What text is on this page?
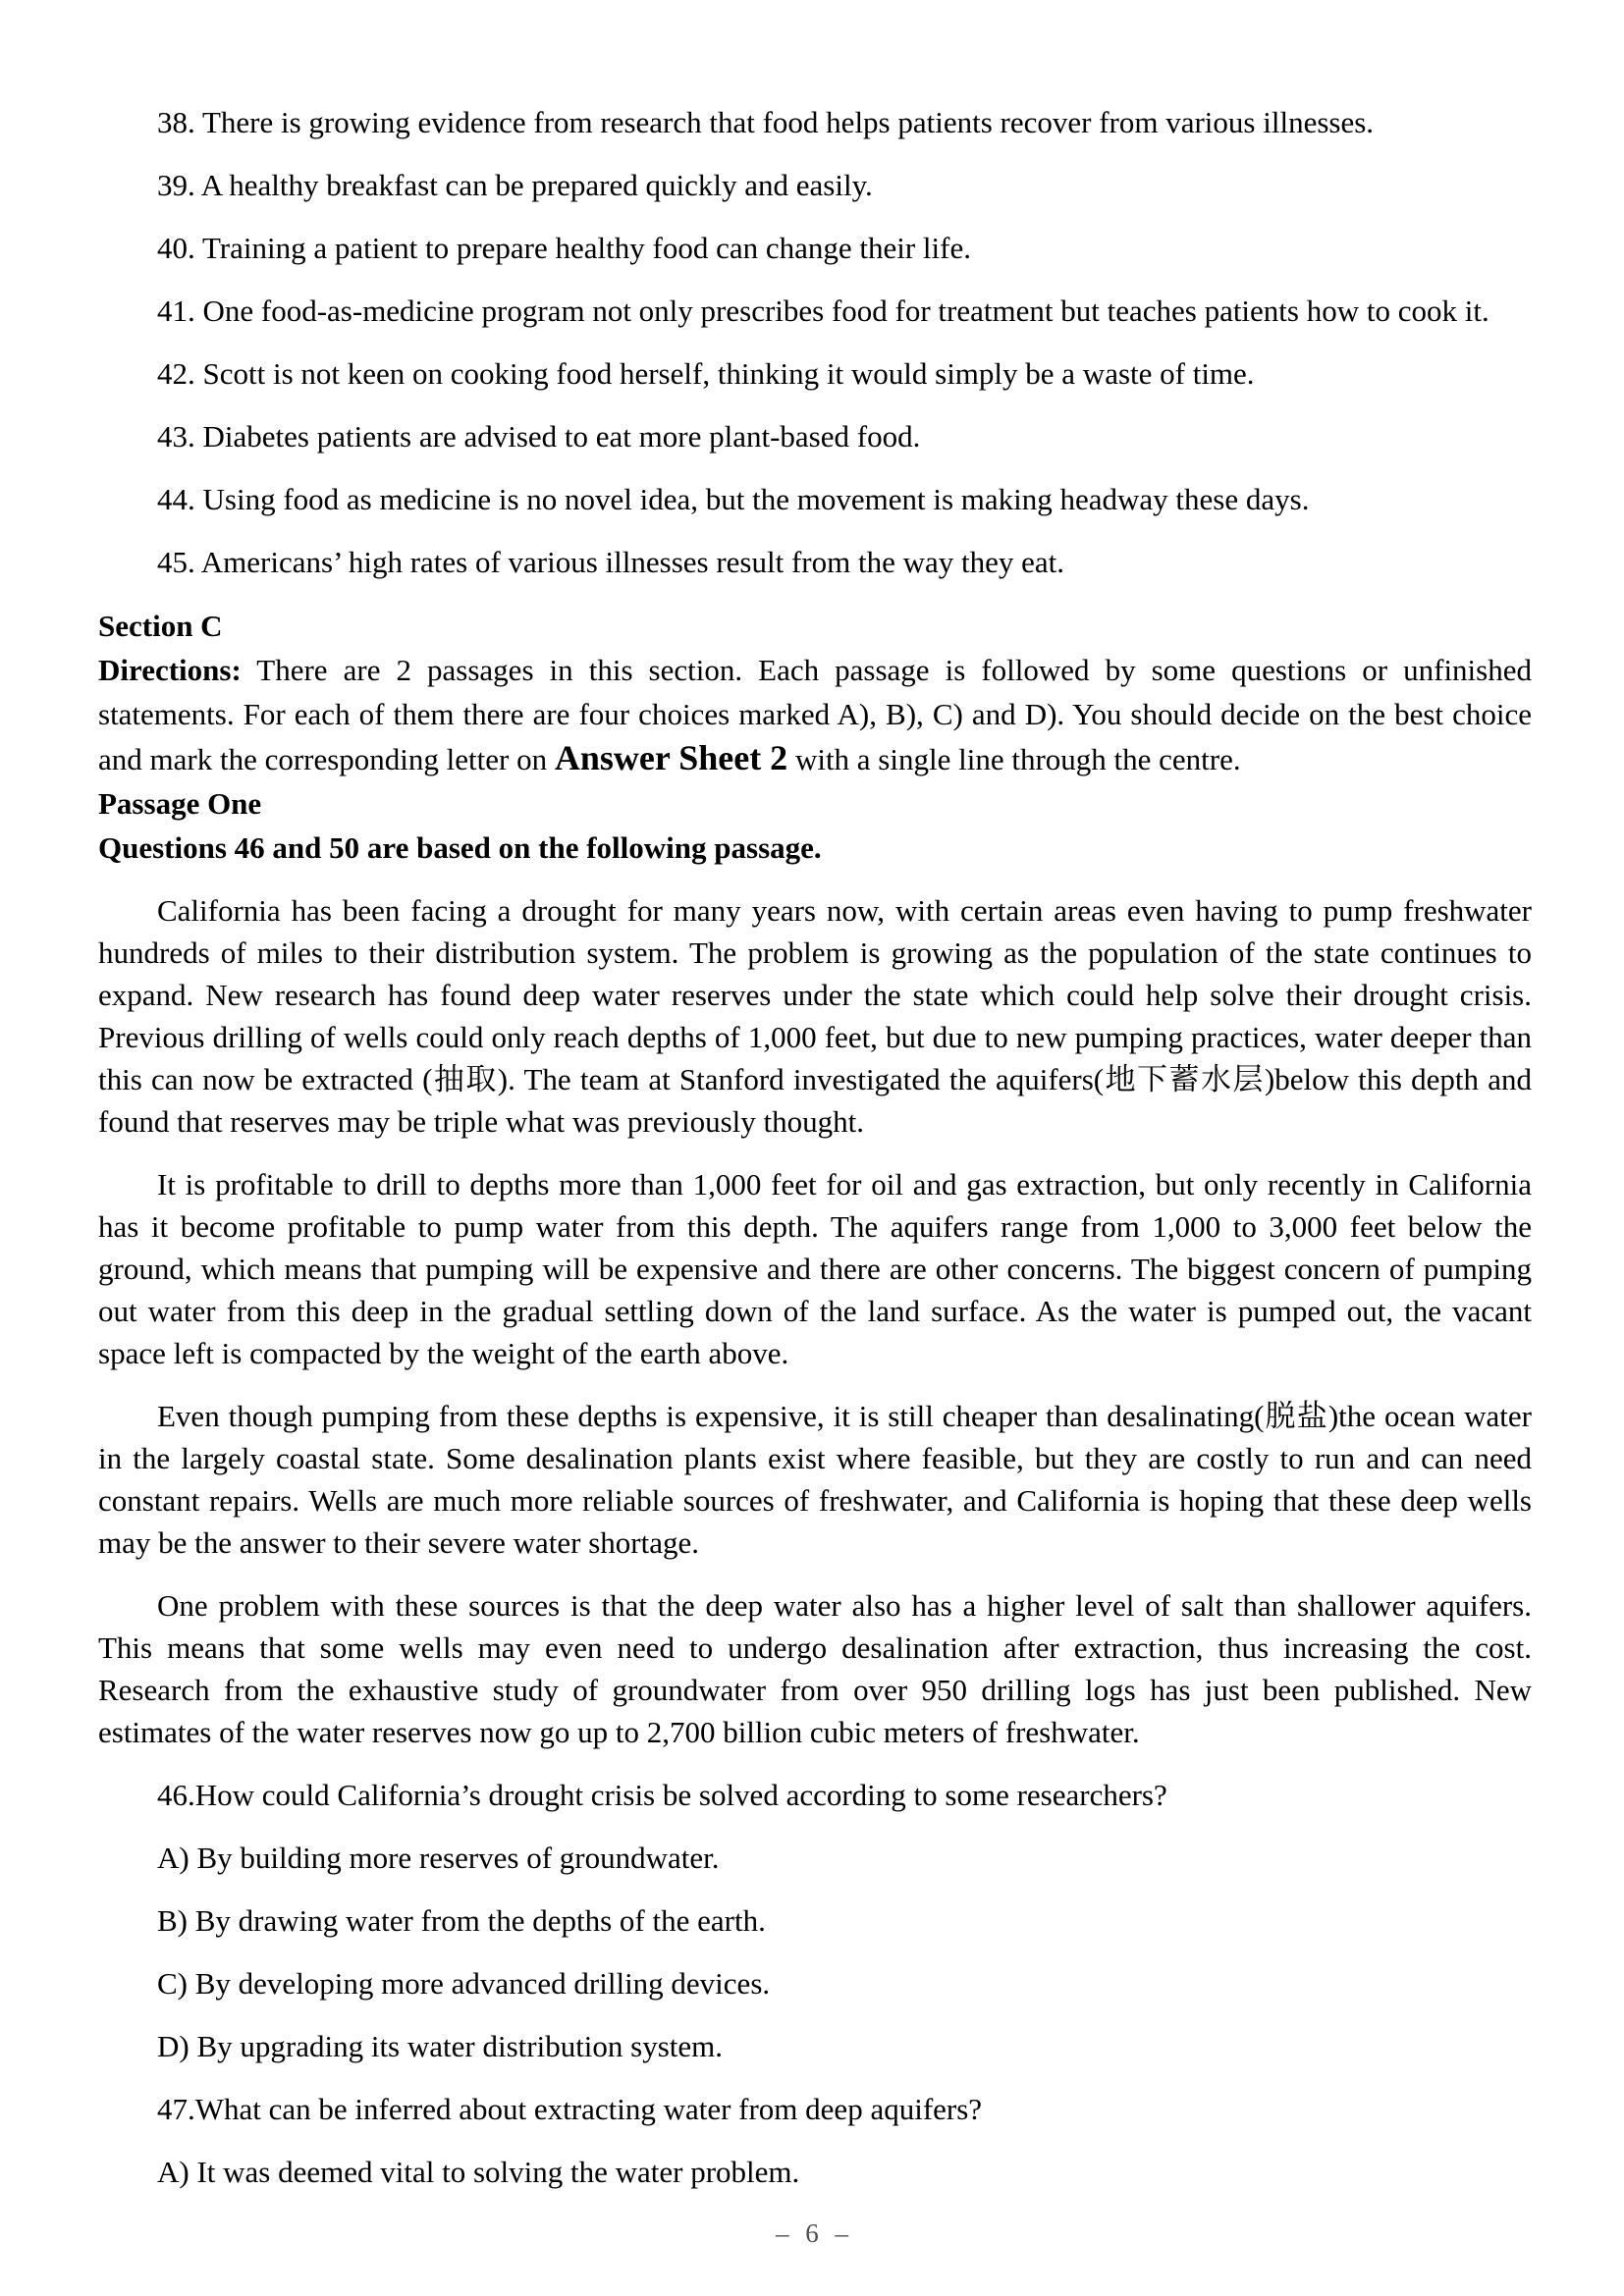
38. There is growing evidence from research that food helps patients recover from various illnesses.

39. A healthy breakfast can be prepared quickly and easily.

40. Training a patient to prepare healthy food can change their life.

41. One food-as-medicine program not only prescribes food for treatment but teaches patients how to cook it.

42. Scott is not keen on cooking food herself, thinking it would simply be a waste of time.

43. Diabetes patients are advised to eat more plant-based food.

44. Using food as medicine is no novel idea, but the movement is making headway these days.

45. Americans’ high rates of various illnesses result from the way they eat.

Section C

Directions: There are 2 passages in this section. Each passage is followed by some questions or unfinished statements. For each of them there are four choices marked A), B), C) and D). You should decide on the best choice and mark the corresponding letter on Answer Sheet 2 with a single line through the centre.

Passage One

Questions 46 and 50 are based on the following passage.

California has been facing a drought for many years now, with certain areas even having to pump freshwater hundreds of miles to their distribution system. The problem is growing as the population of the state continues to expand. New research has found deep water reserves under the state which could help solve their drought crisis. Previous drilling of wells could only reach depths of 1,000 feet, but due to new pumping practices, water deeper than this can now be extracted (抽取). The team at Stanford investigated the aquifers(地下蓄水层)below this depth and found that reserves may be triple what was previously thought.

It is profitable to drill to depths more than 1,000 feet for oil and gas extraction, but only recently in California has it become profitable to pump water from this depth. The aquifers range from 1,000 to 3,000 feet below the ground, which means that pumping will be expensive and there are other concerns. The biggest concern of pumping out water from this deep in the gradual settling down of the land surface. As the water is pumped out, the vacant space left is compacted by the weight of the earth above.

Even though pumping from these depths is expensive, it is still cheaper than desalinating(脱盐)the ocean water in the largely coastal state. Some desalination plants exist where feasible, but they are costly to run and can need constant repairs. Wells are much more reliable sources of freshwater, and California is hoping that these deep wells may be the answer to their severe water shortage.

One problem with these sources is that the deep water also has a higher level of salt than shallower aquifers. This means that some wells may even need to undergo desalination after extraction, thus increasing the cost. Research from the exhaustive study of groundwater from over 950 drilling logs has just been published. New estimates of the water reserves now go up to 2,700 billion cubic meters of freshwater.

46.How could California’s drought crisis be solved according to some researchers?

A) By building more reserves of groundwater.

B) By drawing water from the depths of the earth.

C) By developing more advanced drilling devices.

D) By upgrading its water distribution system.

47.What can be inferred about extracting water from deep aquifers?

A) It was deemed vital to solving the water problem.

– 6 –
